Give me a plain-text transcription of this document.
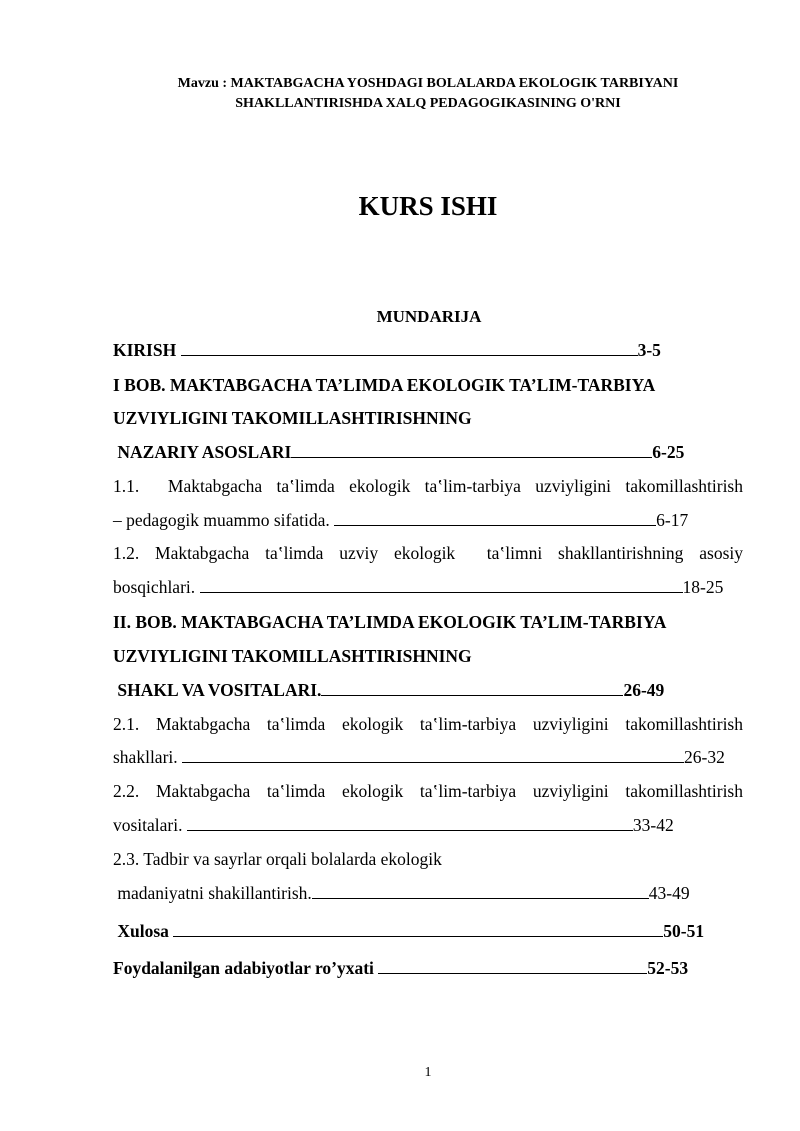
Mavzu : MAKTABGACHA YOSHDAGI BOLALARDA EKOLOGIK TARBIYANI
SHAKLLANTIRISHDA XALQ PEDAGOGIKASINING O'RNI
KURS ISHI
MUNDARIJA
KIRISH	3-5
I BOB. MAKTABGACHA TA’LIMDA EKOLOGIK TA’LIM-TARBIYA
UZVIYLIGINI TAKOMILLASHTIRISHNING
NAZARIY ASOSLARI	6-25
1.1.  Maktabgacha ta‛limda ekologik ta‛lim-tarbiya uzviyligini takomillashtirish
– pedagogik muammo sifatida.	6-17
1.2. Maktabgacha ta‛limda uzviy ekologik  ta‛limni shakllantirishning asosiy
bosqichlari.	18-25
II. BOB. MAKTABGACHA TA’LIMDA EKOLOGIK TA’LIM-TARBIYA
UZVIYLIGINI TAKOMILLASHTIRISHNING
SHAKL VA VOSITALARI.	26-49
2.1. Maktabgacha ta‛limda ekologik ta‛lim-tarbiya uzviyligini takomillashtirish
shakllari.	26-32
2.2. Maktabgacha ta‛limda ekologik ta‛lim-tarbiya uzviyligini takomillashtirish
vositalari.	33-42
2.3. Tadbir va sayrlar orqali bolalarda ekologik
madaniyatni shakillantirish.	43-49
Xulosa	50-51
Foydalanilgan adabiyotlar ro’yxati	52-53
1
